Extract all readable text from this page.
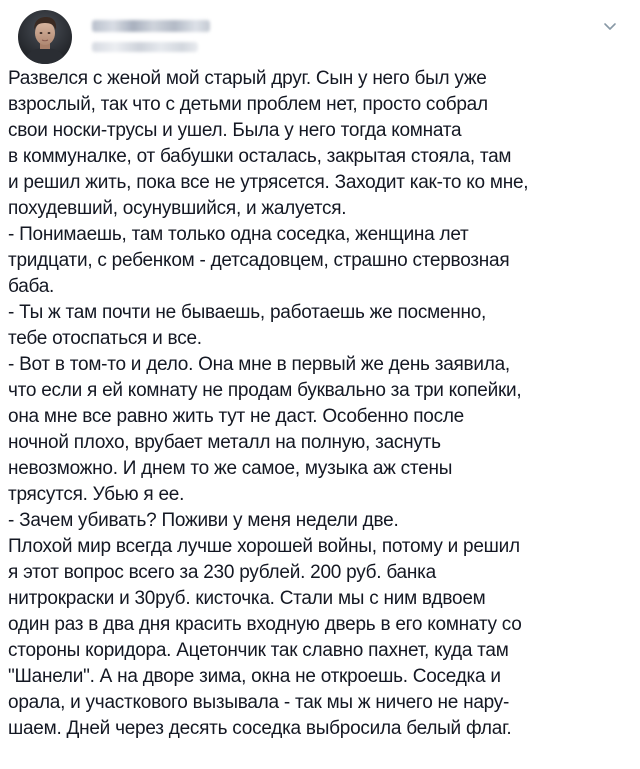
Развелся с женой мой старый друг. Сын у него был уже
взрослый, так что с детьми проблем нет, просто собрал
свои носки-трусы и ушел. Была у него тогда комната
в коммуналке, от бабушки осталась, закрытая стояла, там
и решил жить, пока все не утрясется. Заходит как-то ко мне,
похудевший, осунувшийся, и жалуется.
- Понимаешь, там только одна соседка, женщина лет
тридцати, с ребенком - детсадовцем, страшно стервозная
баба.
- Ты ж там почти не бываешь, работаешь же посменно,
тебе отоспаться и все.
- Вот в том-то и дело. Она мне в первый же день заявила,
что если я ей комнату не продам буквально за три копейки,
она мне все равно жить тут не даст. Особенно после
ночной плохо, врубает металл на полную, заснуть
невозможно. И днем то же самое, музыка аж стены
трясутся. Убью я ее.
- Зачем убивать? Поживи у меня недели две.
Плохой мир всегда лучше хорошей войны, потому и решил
я этот вопрос всего за 230 рублей. 200 руб. банка
нитрокраски и 30руб. кисточка. Стали мы с ним вдвоем
один раз в два дня красить входную дверь в его комнату со
стороны коридора. Ацетончик так славно пахнет, куда там
"Шанели". А на дворе зима, окна не откроешь. Соседка и
орала, и участкового вызывала - так мы ж ничего не нару-
шаем. Дней через десять соседка выбросила белый флаг.
